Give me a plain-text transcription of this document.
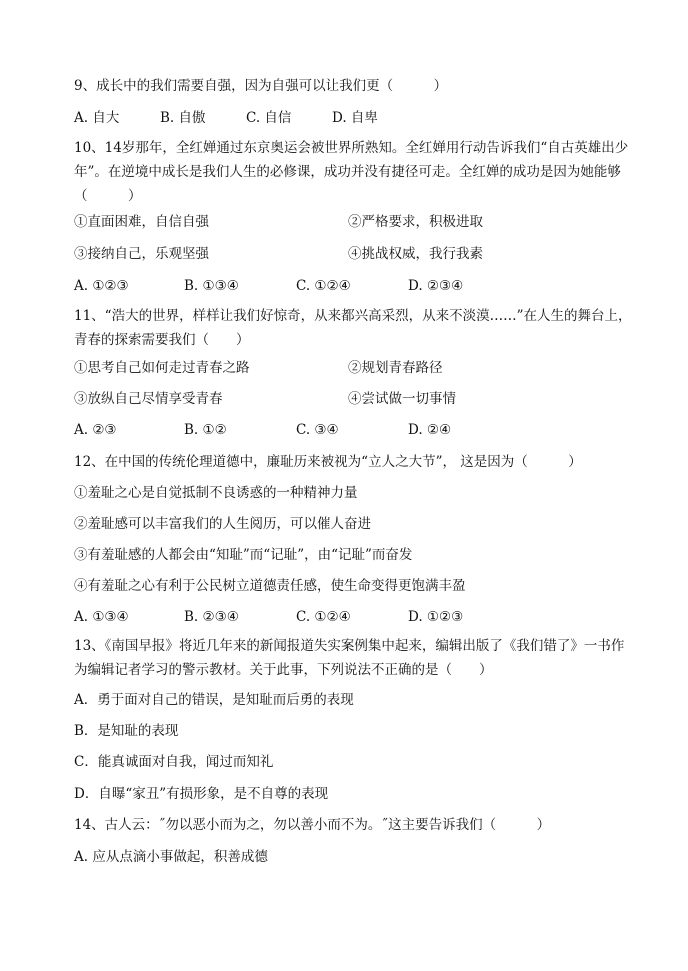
9、成长中的我们需要自强，因为自强可以让我们更（　　　）
A. 自大	B. 自傲	C. 自信	D. 自卑
10、14岁那年，全红婵通过东京奥运会被世界所熟知。全红婵用行动告诉我们“自古英雄出少年”。在逆境中成长是我们人生的必修课，成功并没有捷径可走。全红婵的成功是因为她能够（　　　）
①直面困难，自信自强	②严格要求，积极进取
③接纳自己，乐观坚强	④挑战权威，我行我素
A. ①②③	B. ①③④	C. ①②④	D. ②③④
11、“浩大的世界，样样让我们好惊奇，从来都兴高采烈，从来不淡漠……”在人生的舞台上，青春的探索需要我们（　　）
①思考自己如何走过青春之路	②规划青春路径
③放纵自己尽情享受青春	④尝试做一切事情
A. ②③	B. ①②	C. ③④	D. ②④
12、在中国的传统伦理道德中，廉耻历来被视为“立人之大节”， 这是因为（　　　）
①羞耻之心是自觉抵制不良诱惑的一种精神力量
②羞耻感可以丰富我们的人生阅历，可以催人奋进
③有羞耻感的人都会由“知耻”而“记耻”，由“记耻”而奋发
④有羞耻之心有利于公民树立道德责任感，使生命变得更饱满丰盈
A. ①③④	B. ②③④	C. ①②④	D. ①②③
13、《南国早报》将近几年来的新闻报道失实案例集中起来，编辑出版了《我们错了》一书作为编辑记者学习的警示教材。关于此事，下列说法不正确的是（　　）
A．勇于面对自己的错误，是知耻而后勇的表现
B．是知耻的表现
C．能真诚面对自我，闻过而知礼
D．自曝“家丑”有损形象，是不自尊的表现
14、古人云：˝勿以恶小而为之，勿以善小而不为。˝这主要告诉我们（　　　）
A. 应从点滴小事做起，积善成德
